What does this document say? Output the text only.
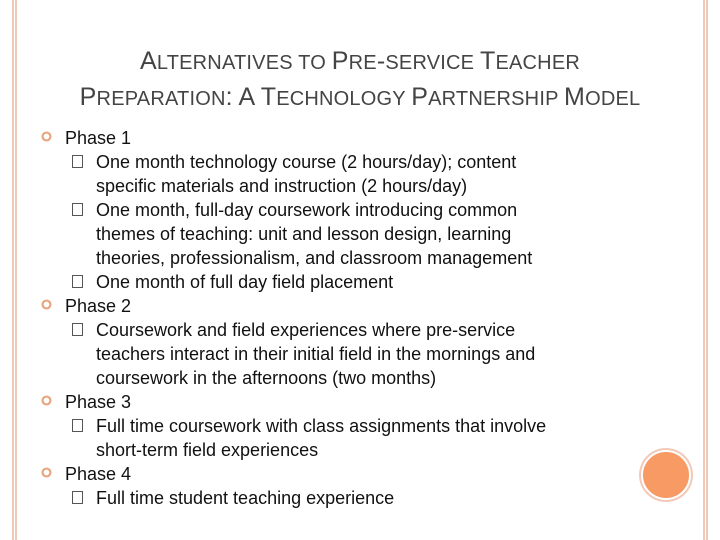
ALTERNATIVES TO PRE-SERVICE TEACHER
PREPARATION: A TECHNOLOGY PARTNERSHIP MODEL
Phase 1
One month technology course (2 hours/day); content
specific materials and instruction (2 hours/day)
One month, full-day coursework introducing common
themes of teaching: unit and lesson design, learning
theories, professionalism, and classroom management
One month of full day field placement
Phase 2
Coursework and field experiences where pre-service
teachers interact in their initial field in the mornings and
coursework in the afternoons (two months)
Phase 3
Full time coursework with class assignments that involve
short-term field experiences
Phase 4
Full time student teaching experience
